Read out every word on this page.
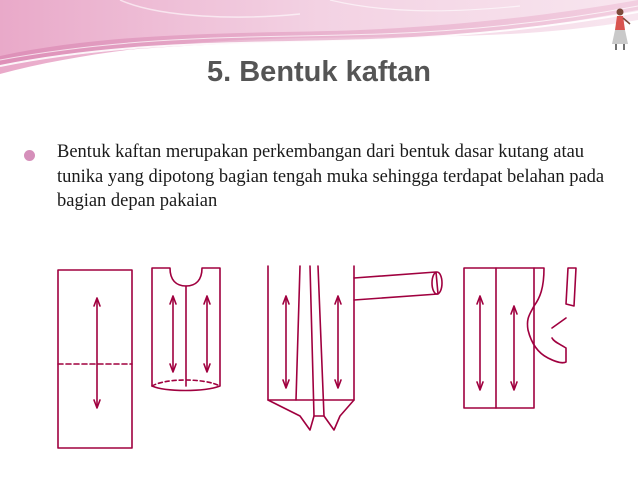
5. Bentuk kaftan

Bentuk kaftan merupakan perkembangan dari bentuk dasar kutang atau tunika yang dipotong bagian tengah muka sehingga terdapat belahan pada bagian depan pakaian
